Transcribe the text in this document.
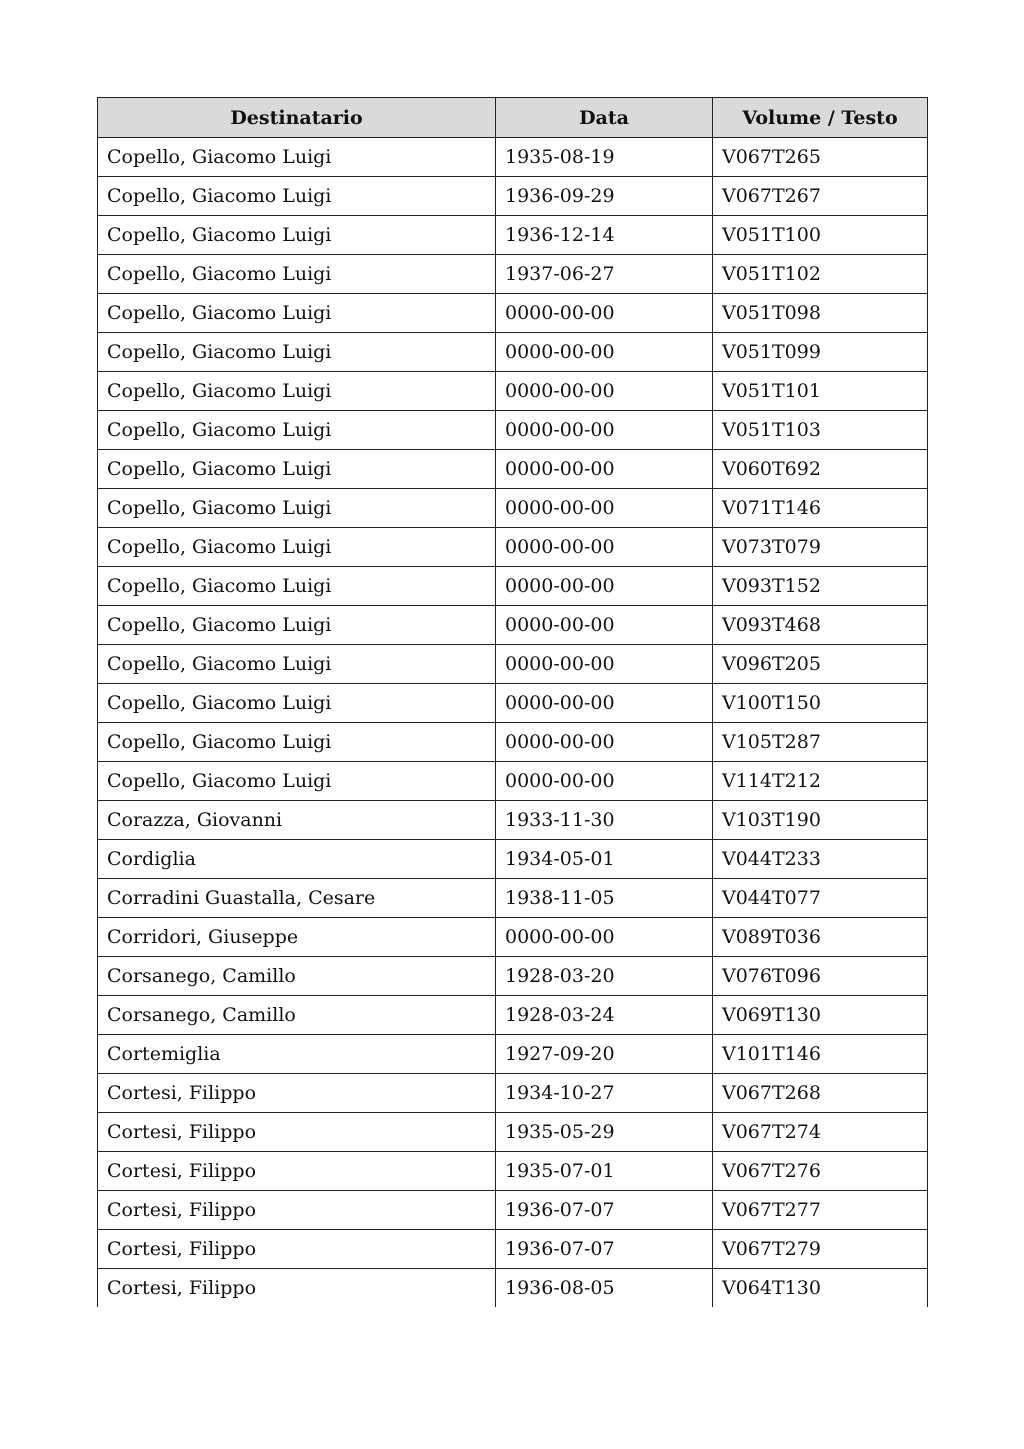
Destinatario	Data	Volume / Testo
Copello, Giacomo Luigi	1935-08-19	V067T265
Copello, Giacomo Luigi	1936-09-29	V067T267
Copello, Giacomo Luigi	1936-12-14	V051T100
Copello, Giacomo Luigi	1937-06-27	V051T102
Copello, Giacomo Luigi	0000-00-00	V051T098
Copello, Giacomo Luigi	0000-00-00	V051T099
Copello, Giacomo Luigi	0000-00-00	V051T101
Copello, Giacomo Luigi	0000-00-00	V051T103
Copello, Giacomo Luigi	0000-00-00	V060T692
Copello, Giacomo Luigi	0000-00-00	V071T146
Copello, Giacomo Luigi	0000-00-00	V073T079
Copello, Giacomo Luigi	0000-00-00	V093T152
Copello, Giacomo Luigi	0000-00-00	V093T468
Copello, Giacomo Luigi	0000-00-00	V096T205
Copello, Giacomo Luigi	0000-00-00	V100T150
Copello, Giacomo Luigi	0000-00-00	V105T287
Copello, Giacomo Luigi	0000-00-00	V114T212
Corazza, Giovanni	1933-11-30	V103T190
Cordiglia	1934-05-01	V044T233
Corradini Guastalla, Cesare	1938-11-05	V044T077
Corridori, Giuseppe	0000-00-00	V089T036
Corsanego, Camillo	1928-03-20	V076T096
Corsanego, Camillo	1928-03-24	V069T130
Cortemiglia	1927-09-20	V101T146
Cortesi, Filippo	1934-10-27	V067T268
Cortesi, Filippo	1935-05-29	V067T274
Cortesi, Filippo	1935-07-01	V067T276
Cortesi, Filippo	1936-07-07	V067T277
Cortesi, Filippo	1936-07-07	V067T279
Cortesi, Filippo	1936-08-05	V064T130
